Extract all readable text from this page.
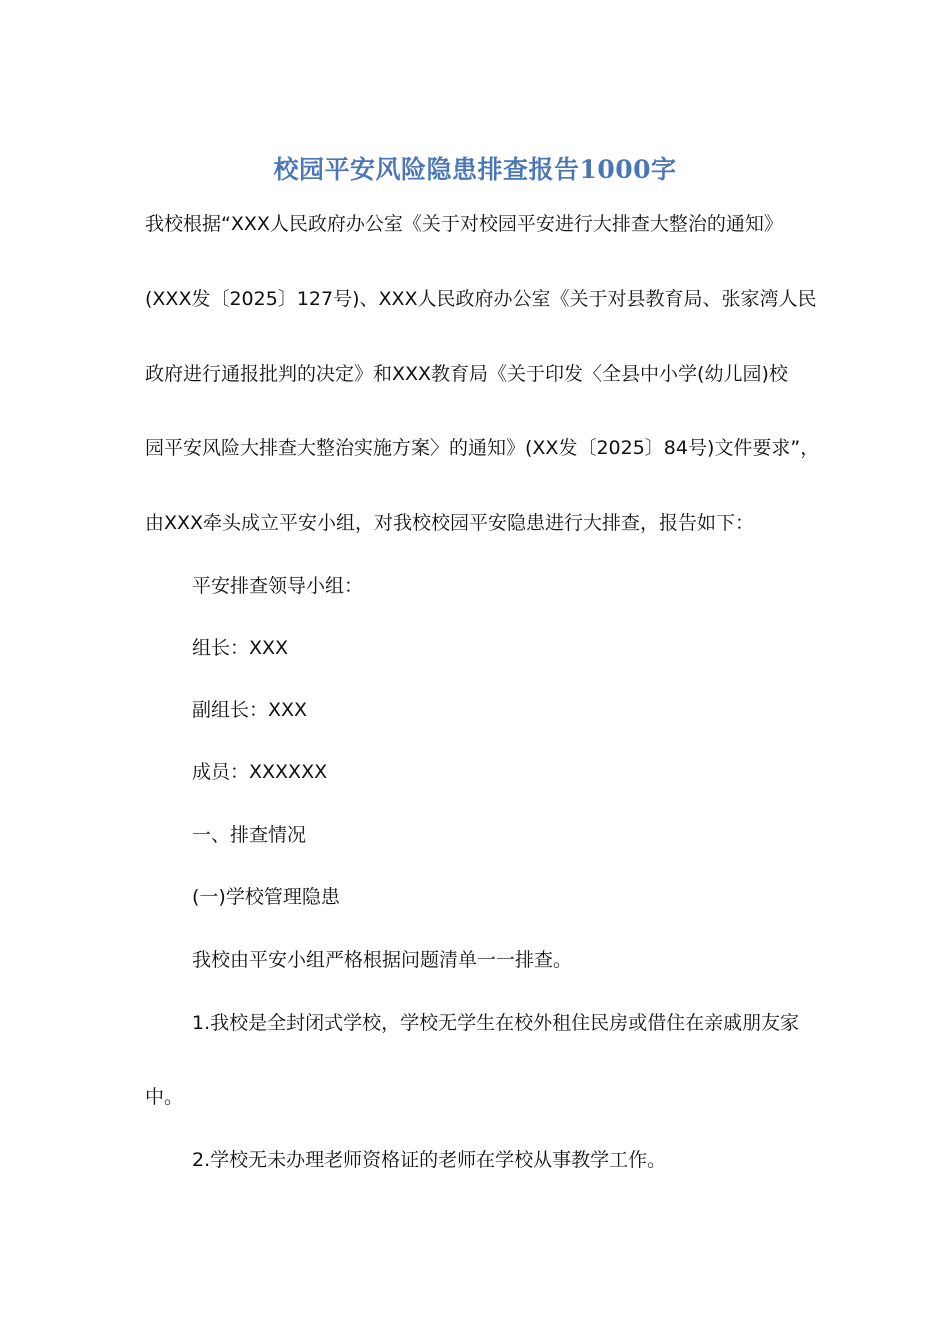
校园平安风险隐患排查报告1000字
我校根据“XXX人民政府办公室《关于对校园平安进行大排查大整治的通知》
(XXX发〔2025〕127号)、XXX人民政府办公室《关于对县教育局、张家湾人民
政府进行通报批判的决定》和XXX教育局《关于印发〈全县中小学(幼儿园)校
园平安风险大排查大整治实施方案〉的通知》(XX发〔2025〕84号)文件要求”，
由XXX牵头成立平安小组，对我校校园平安隐患进行大排查，报告如下：
平安排查领导小组：
组长：XXX
副组长：XXX
成员：XXXXXX
一、排查情况
(一)学校管理隐患
我校由平安小组严格根据问题清单一一排查。
1.我校是全封闭式学校，学校无学生在校外租住民房或借住在亲戚朋友家
中。
2.学校无未办理老师资格证的老师在学校从事教学工作。
